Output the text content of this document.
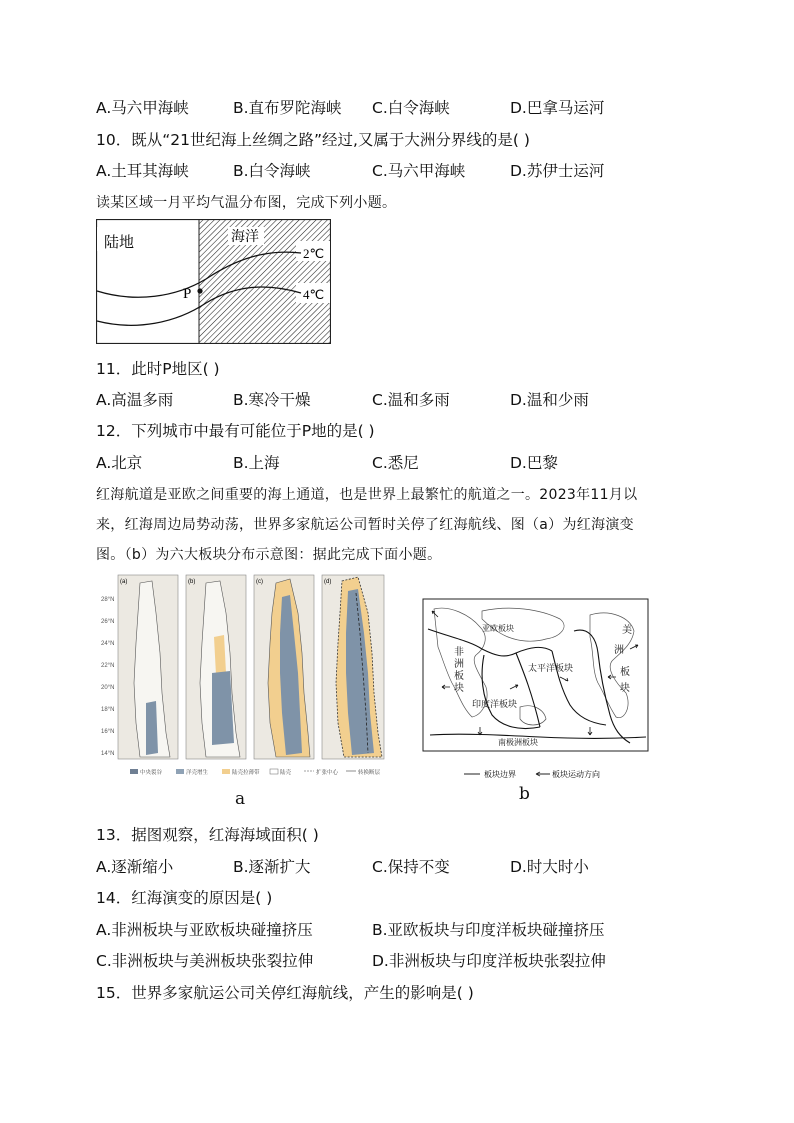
A.马六甲海峡	B.直布罗陀海峡 C.白令海峡	D.巴拿马运河
10．既从“21世纪海上丝绸之路”经过,又属于大洲分界线的是( )
A.土耳其海峡	B.白令海峡	C.马六甲海峡	D.苏伊士运河
读某区域一月平均气温分布图，完成下列小题。
陆地	海洋
2℃
4℃
P
11．此时P地区( )
A.高温多雨	B.寒冷干燥	C.温和多雨	D.温和少雨
12．下列城市中最有可能位于P地的是( )
A.北京	B.上海	C.悉尼	D.巴黎
红海航道是亚欧之间重要的海上通道，也是世界上最繁忙的航道之一。2023年11月以
来，红海周边局势动荡，世界多家航运公司暂时关停了红海航线、图（a）为红海演变
图。（b）为六大板块分布示意图：据此完成下面小题。
28°N
26°N
24°N
22°N
20°N
18°N
16°N
14°N
(a)	(b)	(c)	(d)
中央裂谷	洋壳增生	陆壳拉薄带	陆壳	扩张中心	转换断层
a
亚欧板块
太平洋板块
印度洋板块
南极洲板块
美
洲
板
块
非
洲
板
块
板块边界	板块运动方向
b
13．据图观察，红海海域面积( )
A.逐渐缩小	B.逐渐扩大	C.保持不变	D.时大时小
14．红海演变的原因是( )
A.非洲板块与亚欧板块碰撞挤压	B.亚欧板块与印度洋板块碰撞挤压
C.非洲板块与美洲板块张裂拉伸	D.非洲板块与印度洋板块张裂拉伸
15．世界多家航运公司关停红海航线，产生的影响是( )
